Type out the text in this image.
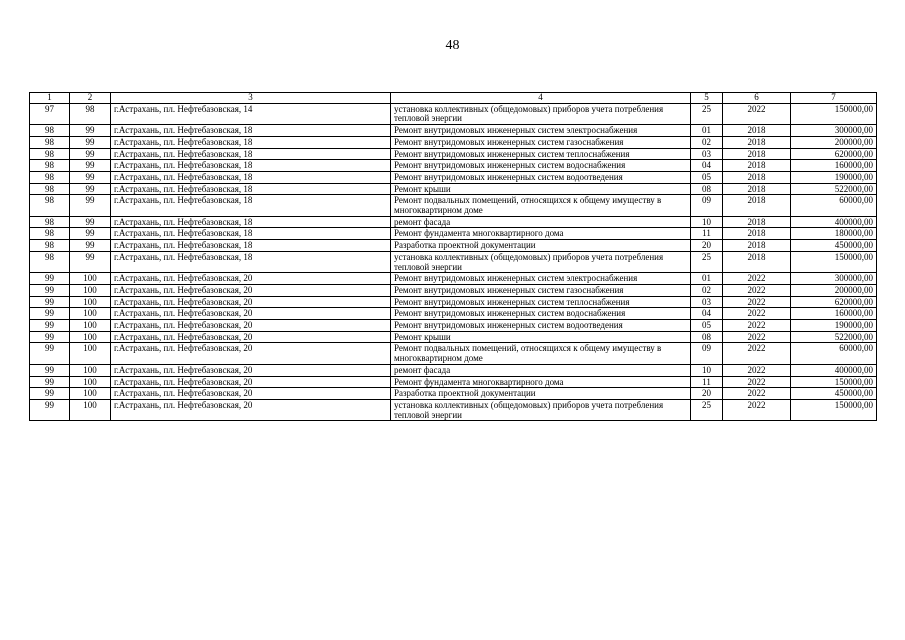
48
1	2	3	4	5	6	7
97	98	г.Астрахань, пл. Нефтебазовская, 14	установка коллективных (общедомовых) приборов учета потребления тепловой энергии	25	2022	150000,00
98	99	г.Астрахань, пл. Нефтебазовская, 18	Ремонт внутридомовых инженерных систем электроснабжения	01	2018	300000,00
98	99	г.Астрахань, пл. Нефтебазовская, 18	Ремонт внутридомовых инженерных систем газоснабжения	02	2018	200000,00
98	99	г.Астрахань, пл. Нефтебазовская, 18	Ремонт внутридомовых инженерных систем теплоснабжения	03	2018	620000,00
98	99	г.Астрахань, пл. Нефтебазовская, 18	Ремонт внутридомовых инженерных систем водоснабжения	04	2018	160000,00
98	99	г.Астрахань, пл. Нефтебазовская, 18	Ремонт внутридомовых инженерных систем водоотведения	05	2018	190000,00
98	99	г.Астрахань, пл. Нефтебазовская, 18	Ремонт крыши	08	2018	522000,00
98	99	г.Астрахань, пл. Нефтебазовская, 18	Ремонт подвальных помещений, относящихся к общему имуществу в многоквартирном доме	09	2018	60000,00
98	99	г.Астрахань, пл. Нефтебазовская, 18	ремонт фасада	10	2018	400000,00
98	99	г.Астрахань, пл. Нефтебазовская, 18	Ремонт фундамента многоквартирного дома	11	2018	180000,00
98	99	г.Астрахань, пл. Нефтебазовская, 18	Разработка проектной документации	20	2018	450000,00
98	99	г.Астрахань, пл. Нефтебазовская, 18	установка коллективных (общедомовых) приборов учета потребления тепловой энергии	25	2018	150000,00
99	100	г.Астрахань, пл. Нефтебазовская, 20	Ремонт внутридомовых инженерных систем электроснабжения	01	2022	300000,00
99	100	г.Астрахань, пл. Нефтебазовская, 20	Ремонт внутридомовых инженерных систем газоснабжения	02	2022	200000,00
99	100	г.Астрахань, пл. Нефтебазовская, 20	Ремонт внутридомовых инженерных систем теплоснабжения	03	2022	620000,00
99	100	г.Астрахань, пл. Нефтебазовская, 20	Ремонт внутридомовых инженерных систем водоснабжения	04	2022	160000,00
99	100	г.Астрахань, пл. Нефтебазовская, 20	Ремонт внутридомовых инженерных систем водоотведения	05	2022	190000,00
99	100	г.Астрахань, пл. Нефтебазовская, 20	Ремонт крыши	08	2022	522000,00
99	100	г.Астрахань, пл. Нефтебазовская, 20	Ремонт подвальных помещений, относящихся к общему имуществу в многоквартирном доме	09	2022	60000,00
99	100	г.Астрахань, пл. Нефтебазовская, 20	ремонт фасада	10	2022	400000,00
99	100	г.Астрахань, пл. Нефтебазовская, 20	Ремонт фундамента многоквартирного дома	11	2022	150000,00
99	100	г.Астрахань, пл. Нефтебазовская, 20	Разработка проектной документации	20	2022	450000,00
99	100	г.Астрахань, пл. Нефтебазовская, 20	установка коллективных (общедомовых) приборов учета потребления тепловой энергии	25	2022	150000,00
